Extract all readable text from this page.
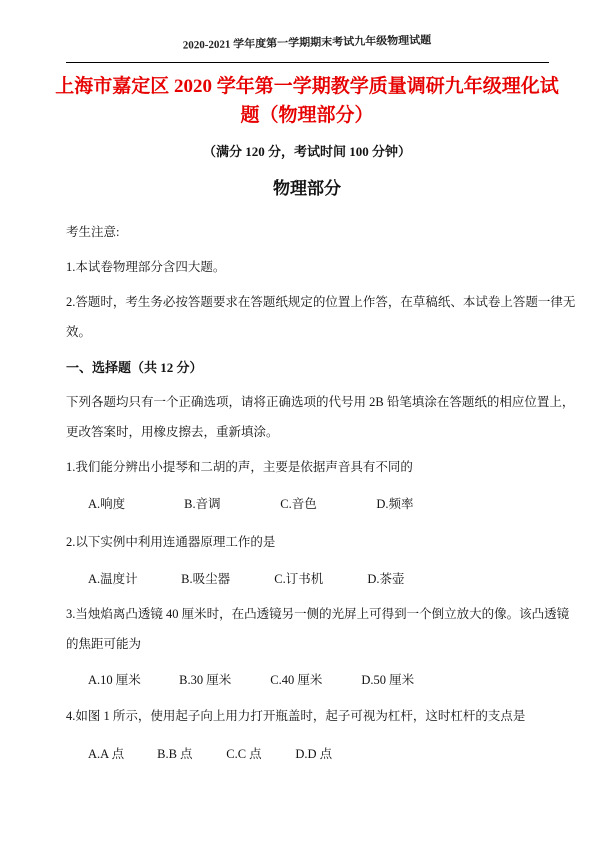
2020-2021 学年度第一学期期末考试九年级物理试题
上海市嘉定区 2020 学年第一学期教学质量调研九年级理化试
题（物理部分）
（满分 120 分，考试时间 100 分钟）
物理部分
考生注意:
1.本试卷物理部分含四大题。
2.答题时，考生务必按答题要求在答题纸规定的位置上作答，在草稿纸、本试卷上答题一律无
效。
一、选择题（共 12 分）
下列各题均只有一个正确选项，请将正确选项的代号用 2B 铅笔填涂在答题纸的相应位置上，
更改答案时，用橡皮擦去，重新填涂。
1.我们能分辨出小提琴和二胡的声，主要是依据声音具有不同的
A.响度	B.音调	C.音色	D.频率
2.以下实例中利用连通器原理工作的是
A.温度计	B.吸尘器	C.订书机	D.茶壶
3.当烛焰离凸透镜 40 厘米时，在凸透镜另一侧的光屏上可得到一个倒立放大的像。该凸透镜
的焦距可能为
A.10 厘米	B.30 厘米	C.40 厘米	D.50 厘米
4.如图 1 所示，使用起子向上用力打开瓶盖时，起子可视为杠杆，这时杠杆的支点是
A.A 点	B.B 点	C.C 点	D.D 点
